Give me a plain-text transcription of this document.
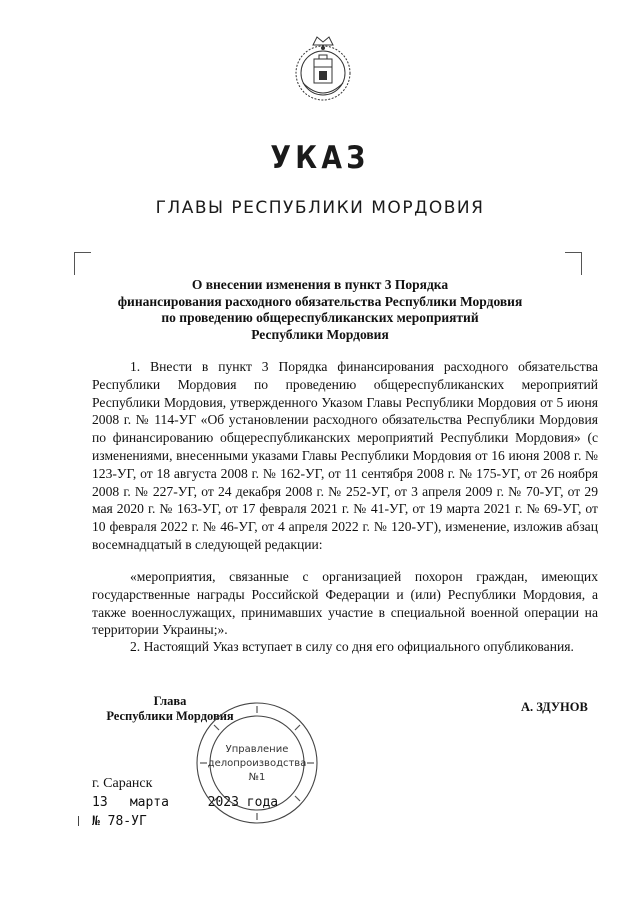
УКАЗ
ГЛАВЫ РЕСПУБЛИКИ МОРДОВИЯ
О внесении изменения в пункт 3 Порядка
финансирования расходного обязательства Республики Мордовия
по проведению общереспубликанских мероприятий
Республики Мордовия
1. Внести в пункт 3 Порядка финансирования расходного обязательства Республики Мордовия по проведению общереспубликанских мероприятий Республики Мордовия, утвержденного Указом Главы Республики Мордовия от 5 июня 2008 г. № 114-УГ «Об установлении расходного обязательства Республики Мордовия по финансированию общереспубликанских мероприятий Республики Мордовия» (с изменениями, внесенными указами Главы Республики Мордовия от 16 июня 2008 г. № 123-УГ, от 18 августа 2008 г. № 162-УГ, от 11 сентября 2008 г. № 175-УГ, от 26 ноября 2008 г. № 227-УГ, от 24 декабря 2008 г. № 252-УГ, от 3 апреля 2009 г. № 70-УГ, от 29 мая 2020 г. № 163-УГ, от 17 февраля 2021 г. № 41-УГ, от 19 марта 2021 г. № 69-УГ, от 10 февраля 2022 г. № 46-УГ, от 4 апреля 2022 г. № 120-УГ), изменение, изложив абзац восемнадцатый в следующей редакции:
«мероприятия, связанные с организацией похорон граждан, имеющих государственные награды Российской Федерации и (или) Республики Мордовия, а также военнослужащих, принимавших участие в специальной военной операции на территории Украины;».
2. Настоящий Указ вступает в силу со дня его официального опубликования.
Глава
Республики Мордовия
А. ЗДУНОВ
Управление
делопроизводства
№1
г. Саранск
13 марта	2023 года
№ 78-УГ
